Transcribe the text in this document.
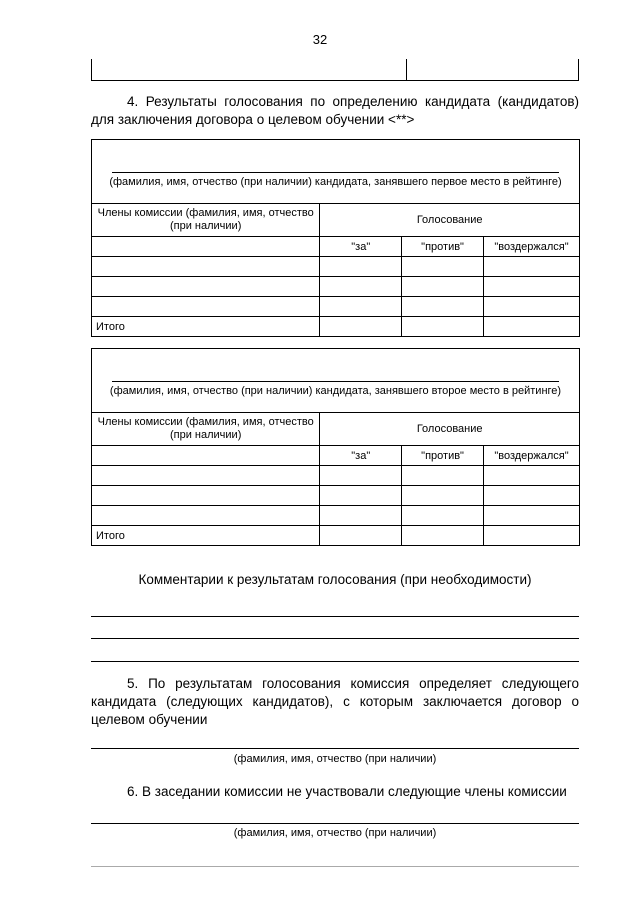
32
4. Результаты голосования по определению кандидата (кандидатов) для заключения договора о целевом обучении <**>
(фамилия, имя, отчество (при наличии) кандидата, занявшего первое место в рейтинге)			

Члены комиссии (фамилия, имя, отчество (при наличии)	Голосование		
	"за"	"против"	"воздержался"

Итого			
(фамилия, имя, отчество (при наличии) кандидата, занявшего второе место в рейтинге)			

Члены комиссии (фамилия, имя, отчество (при наличии)	Голосование		
	"за"	"против"	"воздержался"

Итого			
Комментарии к результатам голосования (при необходимости)
5. По результатам голосования комиссия определяет следующего кандидата (следующих кандидатов), с которым заключается договор о целевом обучении
(фамилия, имя, отчество (при наличии)
6. В заседании комиссии не участвовали следующие члены комиссии
(фамилия, имя, отчество (при наличии)
